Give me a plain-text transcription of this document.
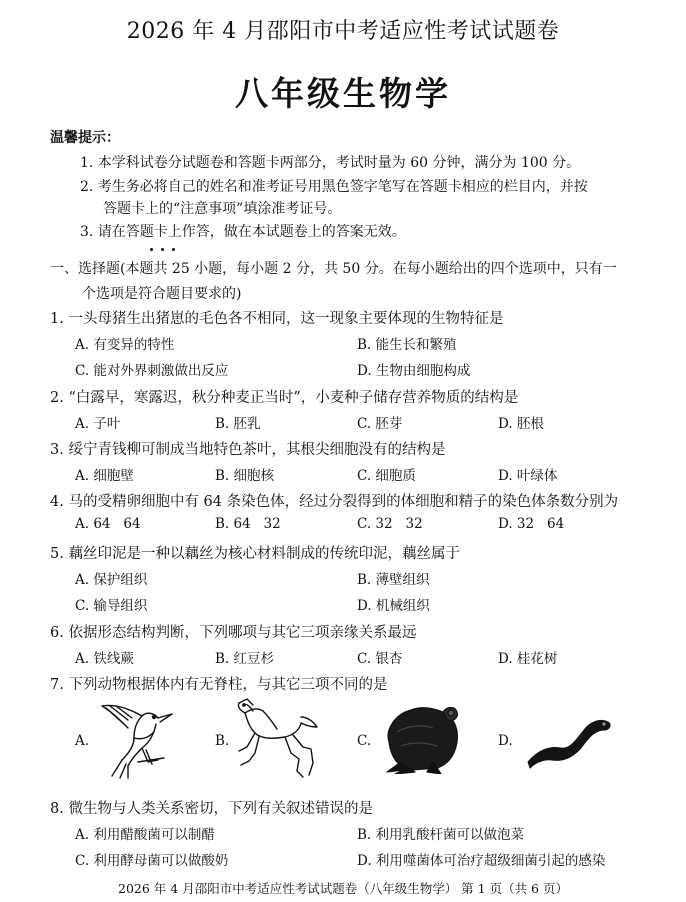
2026 年 4 月邵阳市中考适应性考试试题卷
八年级生物学
温馨提示：
1. 本学科试卷分试题卷和答题卡两部分，考试时量为 60 分钟，满分为 100 分。
2. 考生务必将自己的姓名和准考证号用黑色签字笔写在答题卡相应的栏目内，并按
答题卡上的“注意事项”填涂准考证号。
3. 请在答题卡上作答，做在本试题卷上的答案无效。
一、选择题(本题共 25 小题，每小题 2 分，共 50 分。在每小题给出的四个选项中，只有一
个选项是符合题目要求的)
1. 一头母猪生出猪崽的毛色各不相同，这一现象主要体现的生物特征是
A. 有变异的特性	B. 能生长和繁殖
C. 能对外界刺激做出反应	D. 生物由细胞构成
2. “白露早，寒露迟，秋分种麦正当时”，小麦种子储存营养物质的结构是
A. 子叶	B. 胚乳	C. 胚芽	D. 胚根
3. 绥宁青钱柳可制成当地特色茶叶，其根尖细胞没有的结构是
A. 细胞壁	B. 细胞核	C. 细胞质	D. 叶绿体
4. 马的受精卵细胞中有 64 条染色体，经过分裂得到的体细胞和精子的染色体条数分别为
A. 64   64	B. 64   32	C. 32   32	D. 32   64
5. 藕丝印泥是一种以藕丝为核心材料制成的传统印泥，藕丝属于
A. 保护组织	B. 薄壁组织
C. 输导组织	D. 机械组织
6. 依据形态结构判断，下列哪项与其它三项亲缘关系最远
A. 铁线蕨	B. 红豆杉	C. 银杏	D. 桂花树
7. 下列动物根据体内有无脊柱，与其它三项不同的是
A.	B.	C.	D.
8. 微生物与人类关系密切，下列有关叙述错误的是
A. 利用醋酸菌可以制醋	B. 利用乳酸杆菌可以做泡菜
C. 利用酵母菌可以做酸奶	D. 利用噬菌体可治疗超级细菌引起的感染
2026 年 4 月邵阳市中考适应性考试试题卷（八年级生物学） 第 1 页（共 6 页）
